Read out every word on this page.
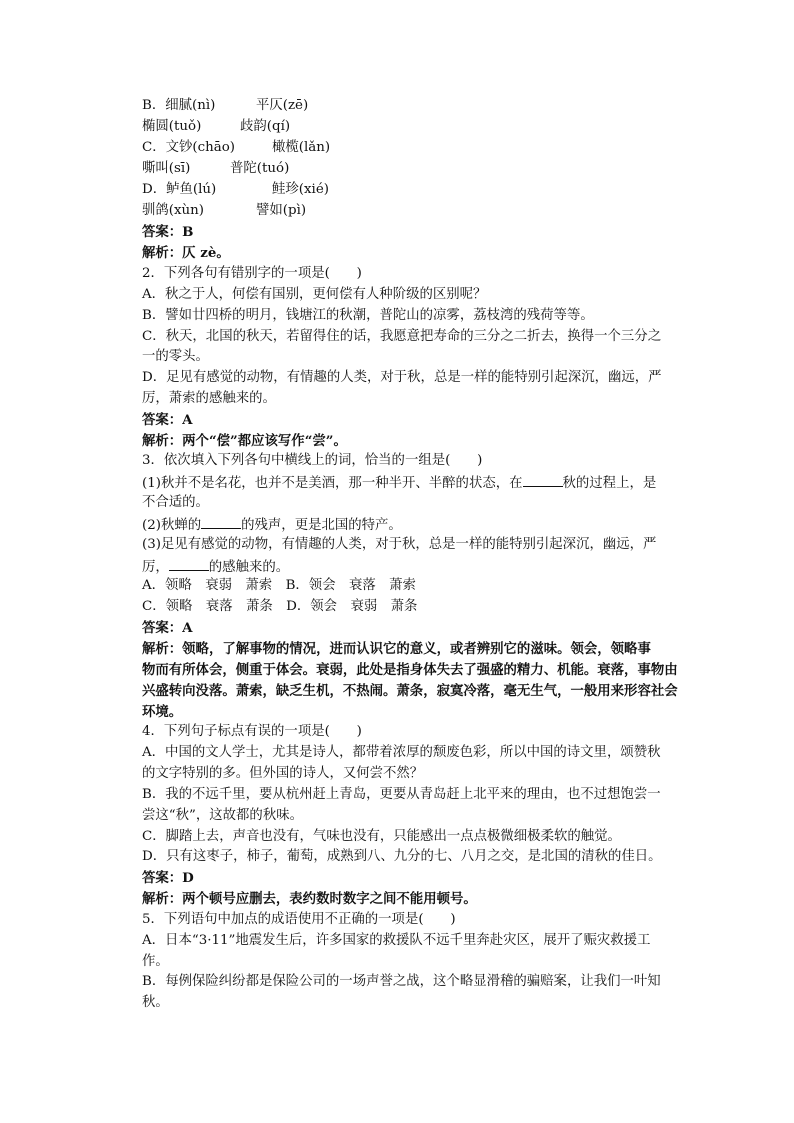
B．细腻(nì)	平仄(zē)
椭圆(tuǒ)	歧韵(qí)
C．文钞(chāo)	橄榄(lǎn)
嘶叫(sī)	普陀(tuó)
D．鲈鱼(lú)	鲑珍(xié)
驯鸽(xùn)	譬如(pì)
答案：B
解析：仄 zè。
2．下列各句有错别字的一项是(　　)
A．秋之于人，何偿有国别，更何偿有人种阶级的区别呢？
B．譬如廿四桥的明月，钱塘江的秋潮，普陀山的凉雾，荔枝湾的残荷等等。
C．秋天，北国的秋天，若留得住的话，我愿意把寿命的三分之二折去，换得一个三分之
一的零头。
D．足见有感觉的动物，有情趣的人类，对于秋，总是一样的能特别引起深沉，幽远，严
厉，萧索的感触来的。
答案：A
解析：两个“偿”都应该写作“尝”。
3．依次填入下列各句中横线上的词，恰当的一组是(　　)
(1)秋并不是名花，也并不是美酒，那一种半开、半醉的状态，在	秋的过程上，是
不合适的。
(2)秋蝉的	的残声，更是北国的特产。
(3)足见有感觉的动物，有情趣的人类，对于秋，总是一样的能特别引起深沉，幽远，严
厉，	的感触来的。
A．领略　衰弱　萧索　B．领会　衰落　萧索
C．领略　衰落　萧条　D．领会　衰弱　萧条
答案：A
解析：领略，了解事物的情况，进而认识它的意义，或者辨别它的滋味。领会，领略事
物而有所体会，侧重于体会。衰弱，此处是指身体失去了强盛的精力、机能。衰落，事物由
兴盛转向没落。萧索，缺乏生机，不热闹。萧条，寂寞冷落，毫无生气，一般用来形容社会
环境。
4．下列句子标点有误的一项是(　　)
A．中国的文人学士，尤其是诗人，都带着浓厚的颓废色彩，所以中国的诗文里，颂赞秋
的文字特别的多。但外国的诗人，又何尝不然？
B．我的不远千里，要从杭州赶上青岛，更要从青岛赶上北平来的理由，也不过想饱尝一
尝这“秋”，这故都的秋味。
C．脚踏上去，声音也没有，气味也没有，只能感出一点点极微细极柔软的触觉。
D．只有这枣子，柿子，葡萄，成熟到八、九分的七、八月之交，是北国的清秋的佳日。
答案：D
解析：两个顿号应删去，表约数时数字之间不能用顿号。
5．下列语句中加点的成语使用不正确的一项是(　　)
A．日本“3·11”地震发生后，许多国家的救援队不远千里奔赴灾区，展开了赈灾救援工
作。
B．每例保险纠纷都是保险公司的一场声誉之战，这个略显滑稽的骗赔案，让我们一叶知
秋。
